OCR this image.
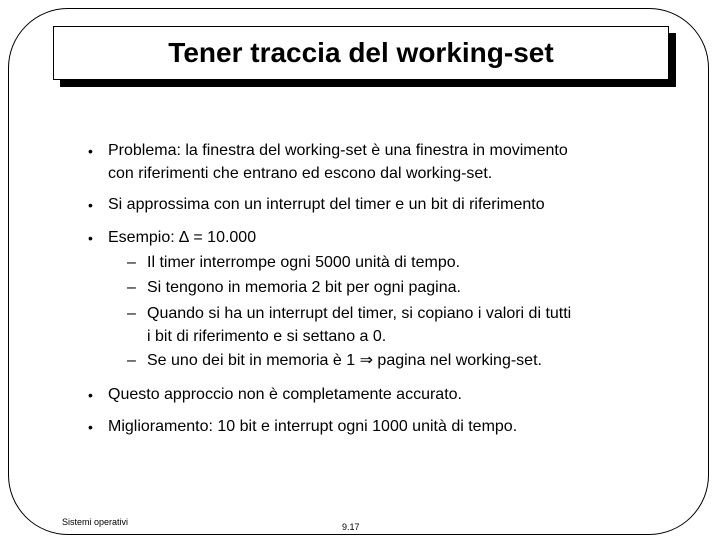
Tener traccia del working-set
• Problema: la finestra del working-set è una finestra in movimento
con riferimenti che entrano ed escono dal working-set.
• Si approssima con un interrupt del timer e un bit di riferimento
• Esempio: ∆ = 10.000
– Il timer interrompe ogni 5000 unità di tempo.
– Si tengono in memoria 2 bit per ogni pagina.
– Quando si ha un interrupt del timer, si copiano i valori di tutti
i bit di riferimento e si settano a 0.
– Se uno dei bit in memoria è 1 ⇒ pagina nel working-set.
• Questo approccio non è completamente accurato.
• Miglioramento: 10 bit e interrupt ogni 1000 unità di tempo.
Sistemi operativi	9.17
